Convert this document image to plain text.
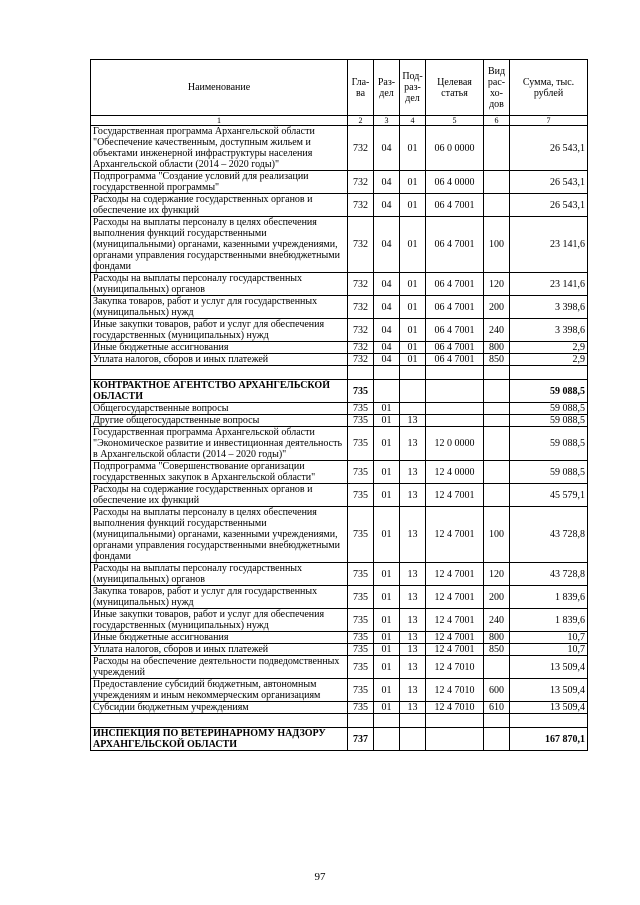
Наименование	Гла-ва	Раз-дел	Под-раз-дел	Целевая статья	Вид рас-хо-дов	Сумма, тыс. рублей
1	2	3	4	5	6	7
Государственная программа Архангельской области "Обеспечение качественным, доступным жильем и объектами инженерной инфраструктуры населения Архангельской области (2014 – 2020 годы)"	732	04	01	06 0 0000		26 543,1
Подпрограмма "Создание условий для реализации государственной программы"	732	04	01	06 4 0000		26 543,1
Расходы на содержание государственных органов и обеспечение их функций	732	04	01	06 4 7001		26 543,1
Расходы на выплаты персоналу в целях обеспечения выполнения функций государственными (муниципальными) органами, казенными учреждениями, органами управления государственными внебюджетными фондами	732	04	01	06 4 7001	100	23 141,6
Расходы на выплаты персоналу государственных (муниципальных) органов	732	04	01	06 4 7001	120	23 141,6
Закупка товаров, работ и услуг для государственных (муниципальных) нужд	732	04	01	06 4 7001	200	3 398,6
Иные закупки товаров, работ и услуг для обеспечения государственных (муниципальных) нужд	732	04	01	06 4 7001	240	3 398,6
Иные бюджетные ассигнования	732	04	01	06 4 7001	800	2,9
Уплата налогов, сборов и иных платежей	732	04	01	06 4 7001	850	2,9

КОНТРАКТНОЕ АГЕНТСТВО АРХАНГЕЛЬСКОЙ ОБЛАСТИ	735					59 088,5
Общегосударственные вопросы	735	01				59 088,5
Другие общегосударственные вопросы	735	01	13			59 088,5
Государственная программа Архангельской области "Экономическое развитие и инвестиционная деятельность в Архангельской области (2014 – 2020 годы)"	735	01	13	12 0 0000		59 088,5
Подпрограмма "Совершенствование организации государственных закупок в Архангельской области"	735	01	13	12 4 0000		59 088,5
Расходы на содержание государственных органов и обеспечение их функций	735	01	13	12 4 7001		45 579,1
Расходы на выплаты персоналу в целях обеспечения выполнения функций государственными (муниципальными) органами, казенными учреждениями, органами управления государственными внебюджетными фондами	735	01	13	12 4 7001	100	43 728,8
Расходы на выплаты персоналу государственных (муниципальных) органов	735	01	13	12 4 7001	120	43 728,8
Закупка товаров, работ и услуг для государственных (муниципальных) нужд	735	01	13	12 4 7001	200	1 839,6
Иные закупки товаров, работ и услуг для обеспечения государственных (муниципальных) нужд	735	01	13	12 4 7001	240	1 839,6
Иные бюджетные ассигнования	735	01	13	12 4 7001	800	10,7
Уплата налогов, сборов и иных платежей	735	01	13	12 4 7001	850	10,7
Расходы на обеспечение деятельности подведомственных учреждений	735	01	13	12 4 7010		13 509,4
Предоставление субсидий бюджетным, автономным учреждениям и иным некоммерческим организациям	735	01	13	12 4 7010	600	13 509,4
Субсидии бюджетным учреждениям	735	01	13	12 4 7010	610	13 509,4

ИНСПЕКЦИЯ ПО ВЕТЕРИНАРНОМУ НАДЗОРУ АРХАНГЕЛЬСКОЙ ОБЛАСТИ	737					167 870,1
97
